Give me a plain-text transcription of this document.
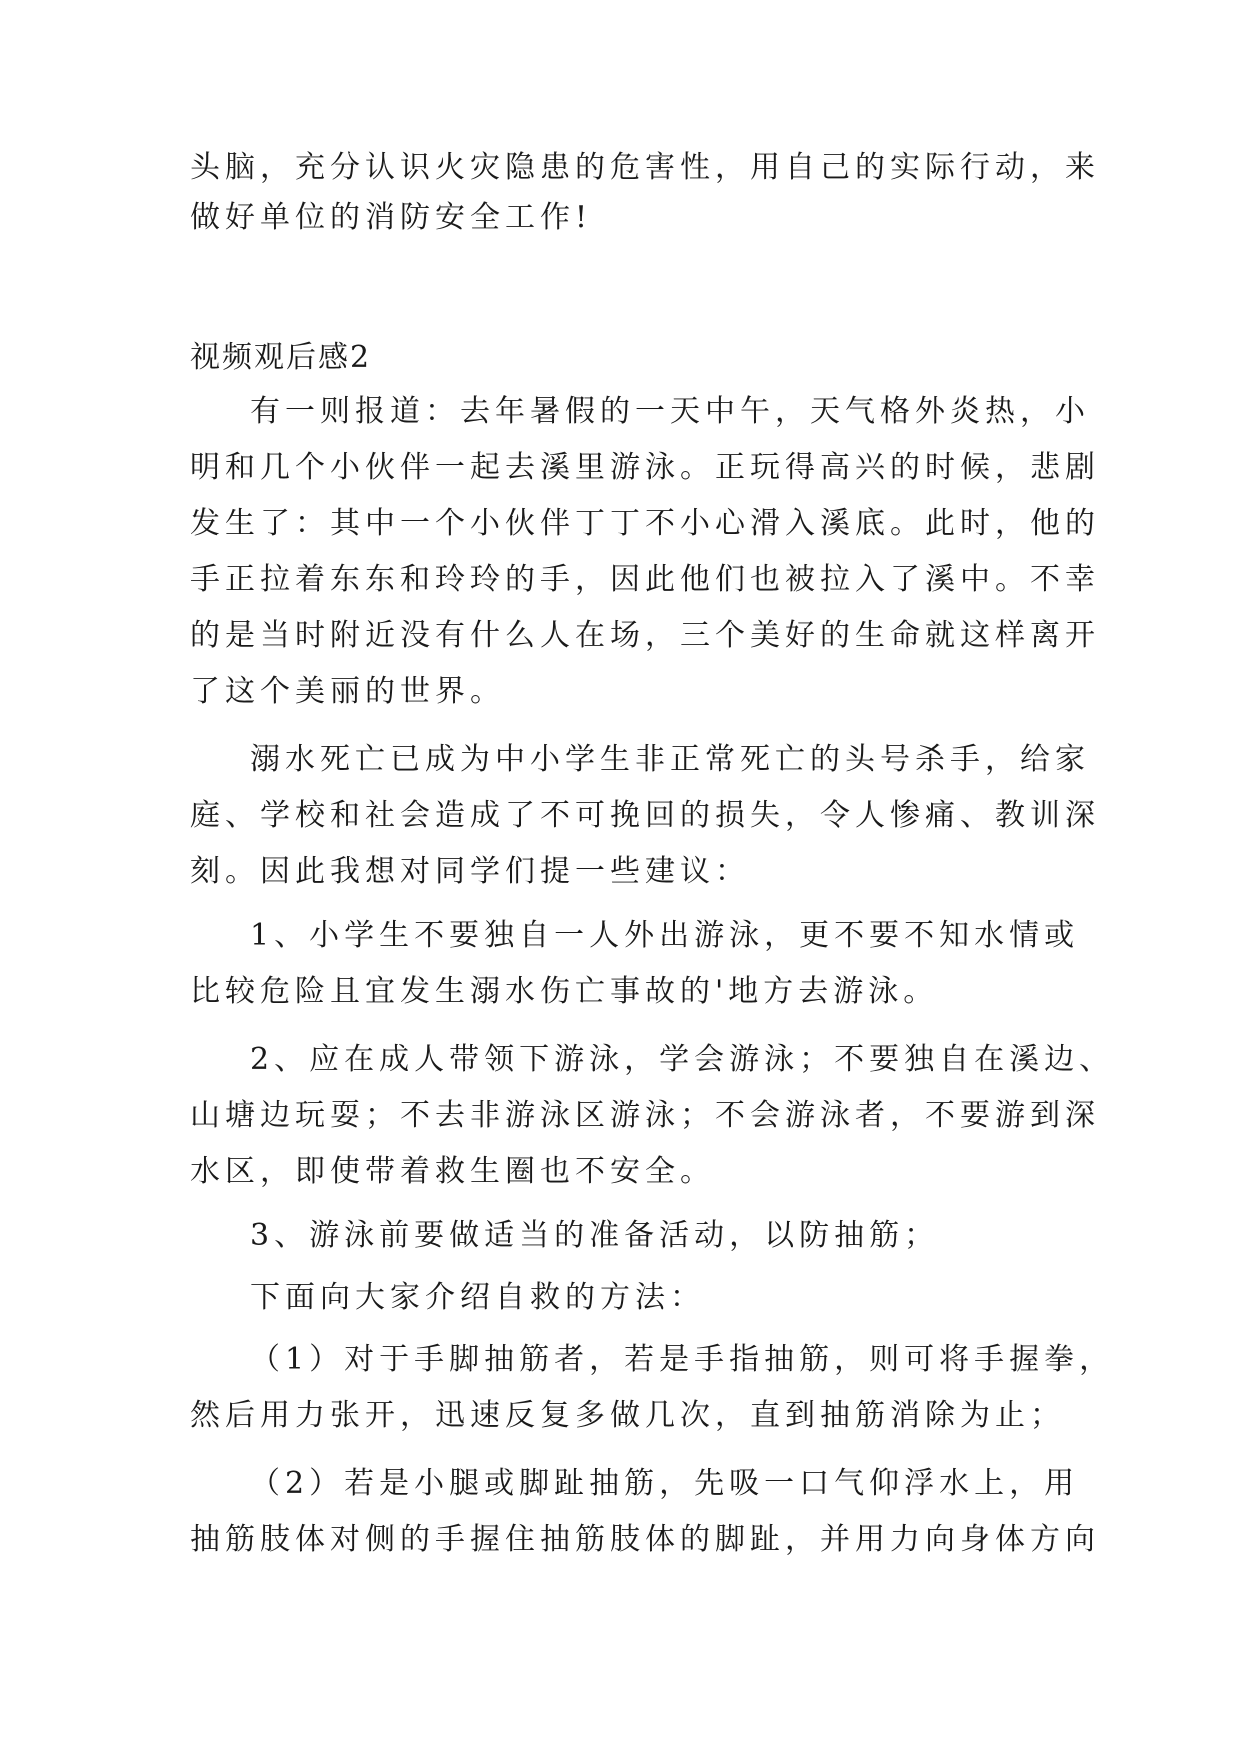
头脑，充分认识火灾隐患的危害性，用自己的实际行动，来

做好单位的消防安全工作!

视频观后感2

有一则报道：去年暑假的一天中午，天气格外炎热，小

明和几个小伙伴一起去溪里游泳。正玩得高兴的时候，悲剧

发生了：其中一个小伙伴丁丁不小心滑入溪底。此时，他的

手正拉着东东和玲玲的手，因此他们也被拉入了溪中。不幸

的是当时附近没有什么人在场，三个美好的生命就这样离开

了这个美丽的世界。

溺水死亡已成为中小学生非正常死亡的头号杀手，给家

庭、学校和社会造成了不可挽回的损失，令人惨痛、教训深

刻。因此我想对同学们提一些建议：

1、小学生不要独自一人外出游泳，更不要不知水情或

比较危险且宜发生溺水伤亡事故的'地方去游泳。

2、应在成人带领下游泳，学会游泳；不要独自在溪边、

山塘边玩耍；不去非游泳区游泳；不会游泳者，不要游到深

水区，即使带着救生圈也不安全。

3、游泳前要做适当的准备活动，以防抽筋；

下面向大家介绍自救的方法：

（1）对于手脚抽筋者，若是手指抽筋，则可将手握拳，

然后用力张开，迅速反复多做几次，直到抽筋消除为止；

（2）若是小腿或脚趾抽筋，先吸一口气仰浮水上，用

抽筋肢体对侧的手握住抽筋肢体的脚趾，并用力向身体方向
